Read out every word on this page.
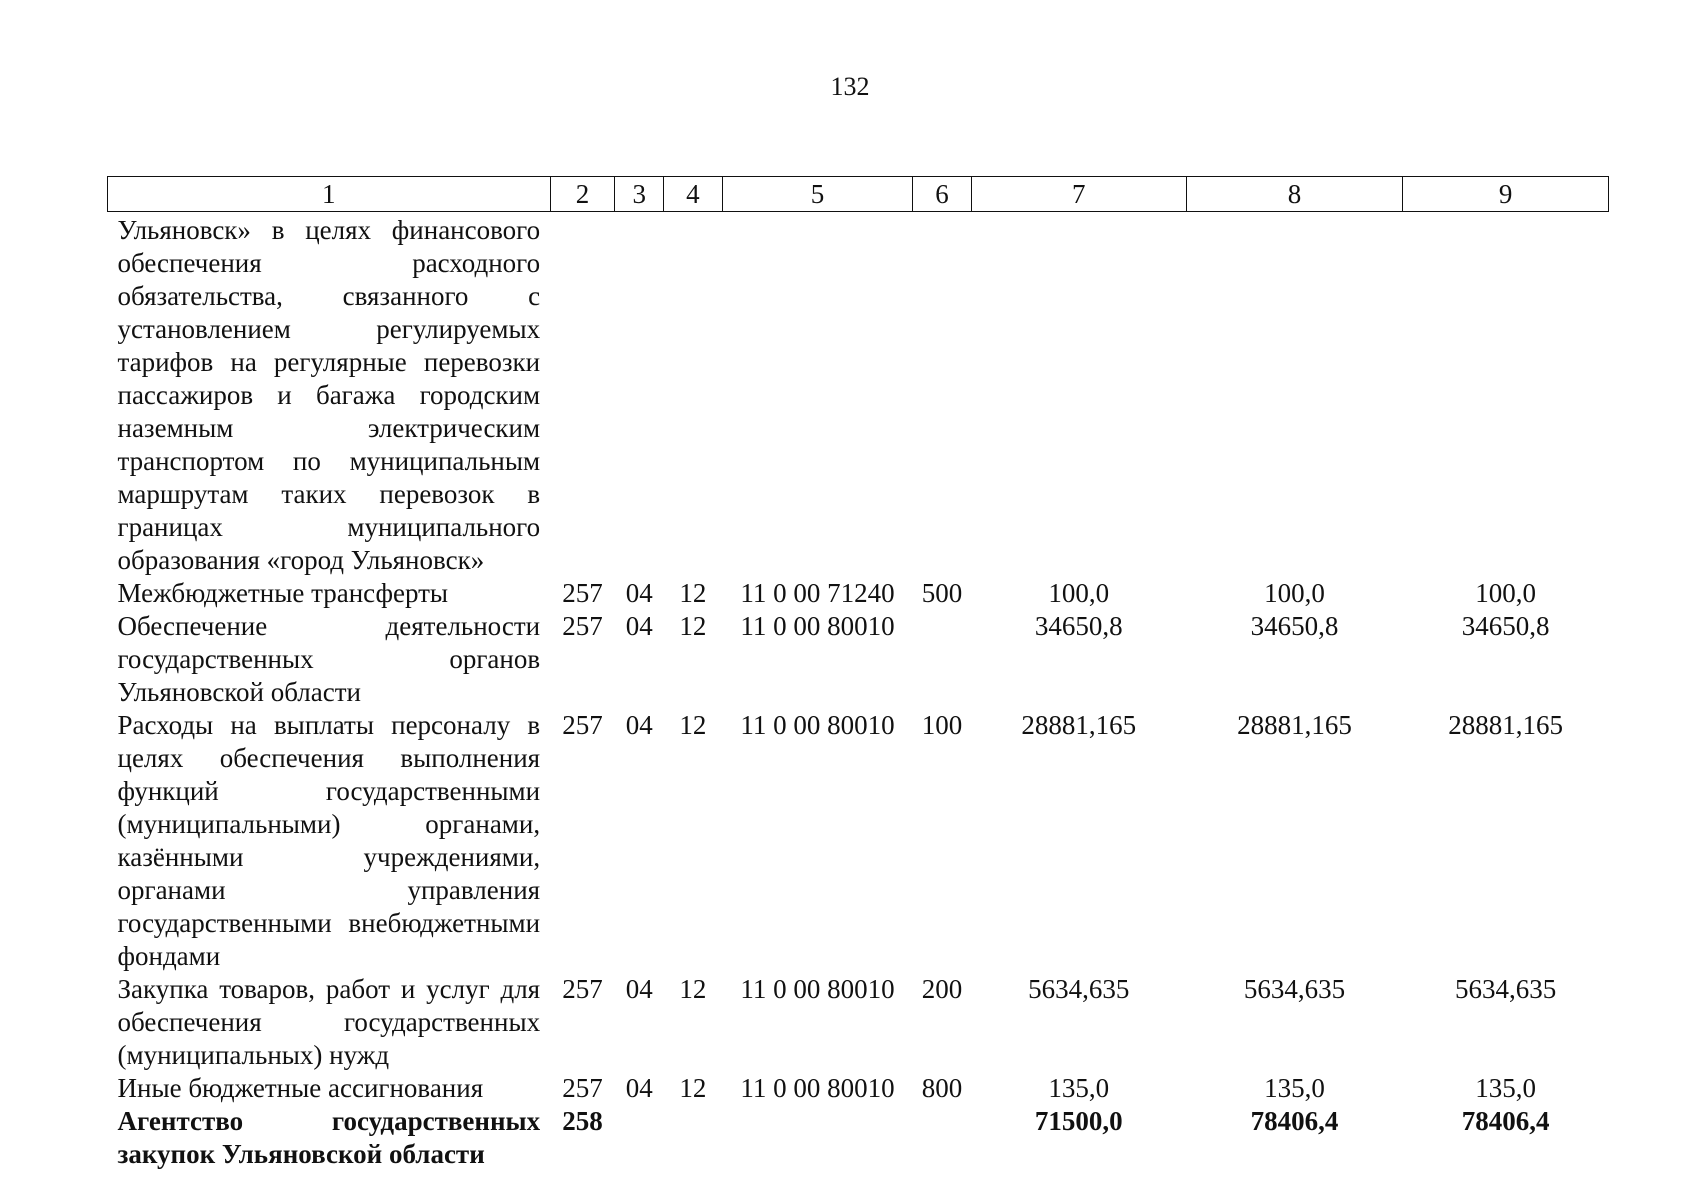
132
1	2	3	4	5	6	7	8	9
Ульяновск» в целях финансового обеспечения расходного обязательства, связанного с установлением регулируемых тарифов на регулярные перевозки пассажиров и багажа городским наземным электрическим транспортом по муниципальным маршрутам таких перевозок в границах муниципального образования «город Ульяновск»								
Межбюджетные трансферты	257	04	12	11 0 00 71240	500	100,0	100,0	100,0
Обеспечение деятельности государственных органов Ульяновской области	257	04	12	11 0 00 80010		34650,8	34650,8	34650,8
Расходы на выплаты персоналу в целях обеспечения выполнения функций государственными (муниципальными) органами, казёнными учреждениями, органами управления государственными внебюджетными фондами	257	04	12	11 0 00 80010	100	28881,165	28881,165	28881,165
Закупка товаров, работ и услуг для обеспечения государственных (муниципальных) нужд	257	04	12	11 0 00 80010	200	5634,635	5634,635	5634,635
Иные бюджетные ассигнования	257	04	12	11 0 00 80010	800	135,0	135,0	135,0
Агентство государственных закупок Ульяновской области	258					71500,0	78406,4	78406,4
